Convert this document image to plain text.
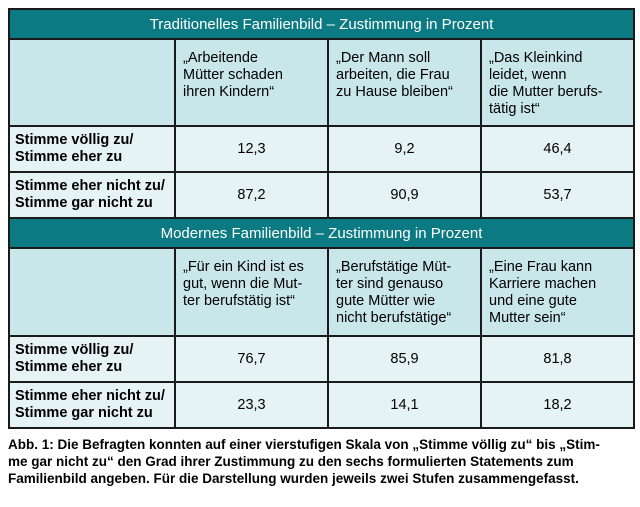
Traditionelles Familienbild – Zustimmung in Prozent			

	„Arbeitende
Mütter schaden
ihren Kindern“	„Der Mann soll
arbeiten, die Frau
zu Hause bleiben“	„Das Kleinkind
leidet, wenn
die Mutter berufs-
tätig ist“

Stimme völlig zu/
Stimme eher zu	12,3	9,2	46,4

Stimme eher nicht zu/
Stimme gar nicht zu	87,2	90,9	53,7
Modernes Familienbild – Zustimmung in Prozent			

	„Für ein Kind ist es
gut, wenn die Mut-
ter berufstätig ist“	„Berufstätige Müt-
ter sind genauso
gute Mütter wie
nicht berufstätige“	„Eine Frau kann
Karriere machen
und eine gute
Mutter sein“

Stimme völlig zu/
Stimme eher zu	76,7	85,9	81,8

Stimme eher nicht zu/
Stimme gar nicht zu	23,3	14,1	18,2
Abb. 1: Die Befragten konnten auf einer vierstufigen Skala von „Stimme völlig zu“ bis „Stim-
me gar nicht zu“ den Grad ihrer Zustimmung zu den sechs formulierten Statements zum
Familienbild angeben. Für die Darstellung wurden jeweils zwei Stufen zusammengefasst.
